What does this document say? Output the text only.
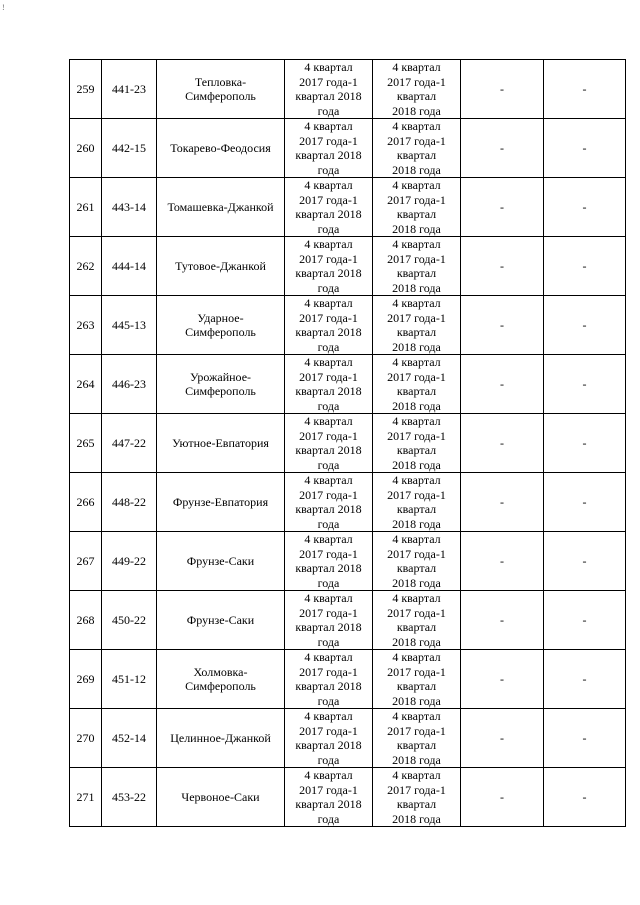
!
259	441-23	Тепловка-
Симферополь	4 квартал
2017 года-1
квартал 2018
года	4 квартал
2017 года-1
квартал
2018 года	-	-
260	442-15	Токарево-Феодосия	4 квартал
2017 года-1
квартал 2018
года	4 квартал
2017 года-1
квартал
2018 года	-	-
261	443-14	Томашевка-Джанкой	4 квартал
2017 года-1
квартал 2018
года	4 квартал
2017 года-1
квартал
2018 года	-	-
262	444-14	Тутовое-Джанкой	4 квартал
2017 года-1
квартал 2018
года	4 квартал
2017 года-1
квартал
2018 года	-	-
263	445-13	Ударное-
Симферополь	4 квартал
2017 года-1
квартал 2018
года	4 квартал
2017 года-1
квартал
2018 года	-	-
264	446-23	Урожайное-
Симферополь	4 квартал
2017 года-1
квартал 2018
года	4 квартал
2017 года-1
квартал
2018 года	-	-
265	447-22	Уютное-Евпатория	4 квартал
2017 года-1
квартал 2018
года	4 квартал
2017 года-1
квартал
2018 года	-	-
266	448-22	Фрунзе-Евпатория	4 квартал
2017 года-1
квартал 2018
года	4 квартал
2017 года-1
квартал
2018 года	-	-
267	449-22	Фрунзе-Саки	4 квартал
2017 года-1
квартал 2018
года	4 квартал
2017 года-1
квартал
2018 года	-	-
268	450-22	Фрунзе-Саки	4 квартал
2017 года-1
квартал 2018
года	4 квартал
2017 года-1
квартал
2018 года	-	-
269	451-12	Холмовка-
Симферополь	4 квартал
2017 года-1
квартал 2018
года	4 квартал
2017 года-1
квартал
2018 года	-	-
270	452-14	Целинное-Джанкой	4 квартал
2017 года-1
квартал 2018
года	4 квартал
2017 года-1
квартал
2018 года	-	-
271	453-22	Червоное-Саки	4 квартал
2017 года-1
квартал 2018
года	4 квартал
2017 года-1
квартал
2018 года	-	-
